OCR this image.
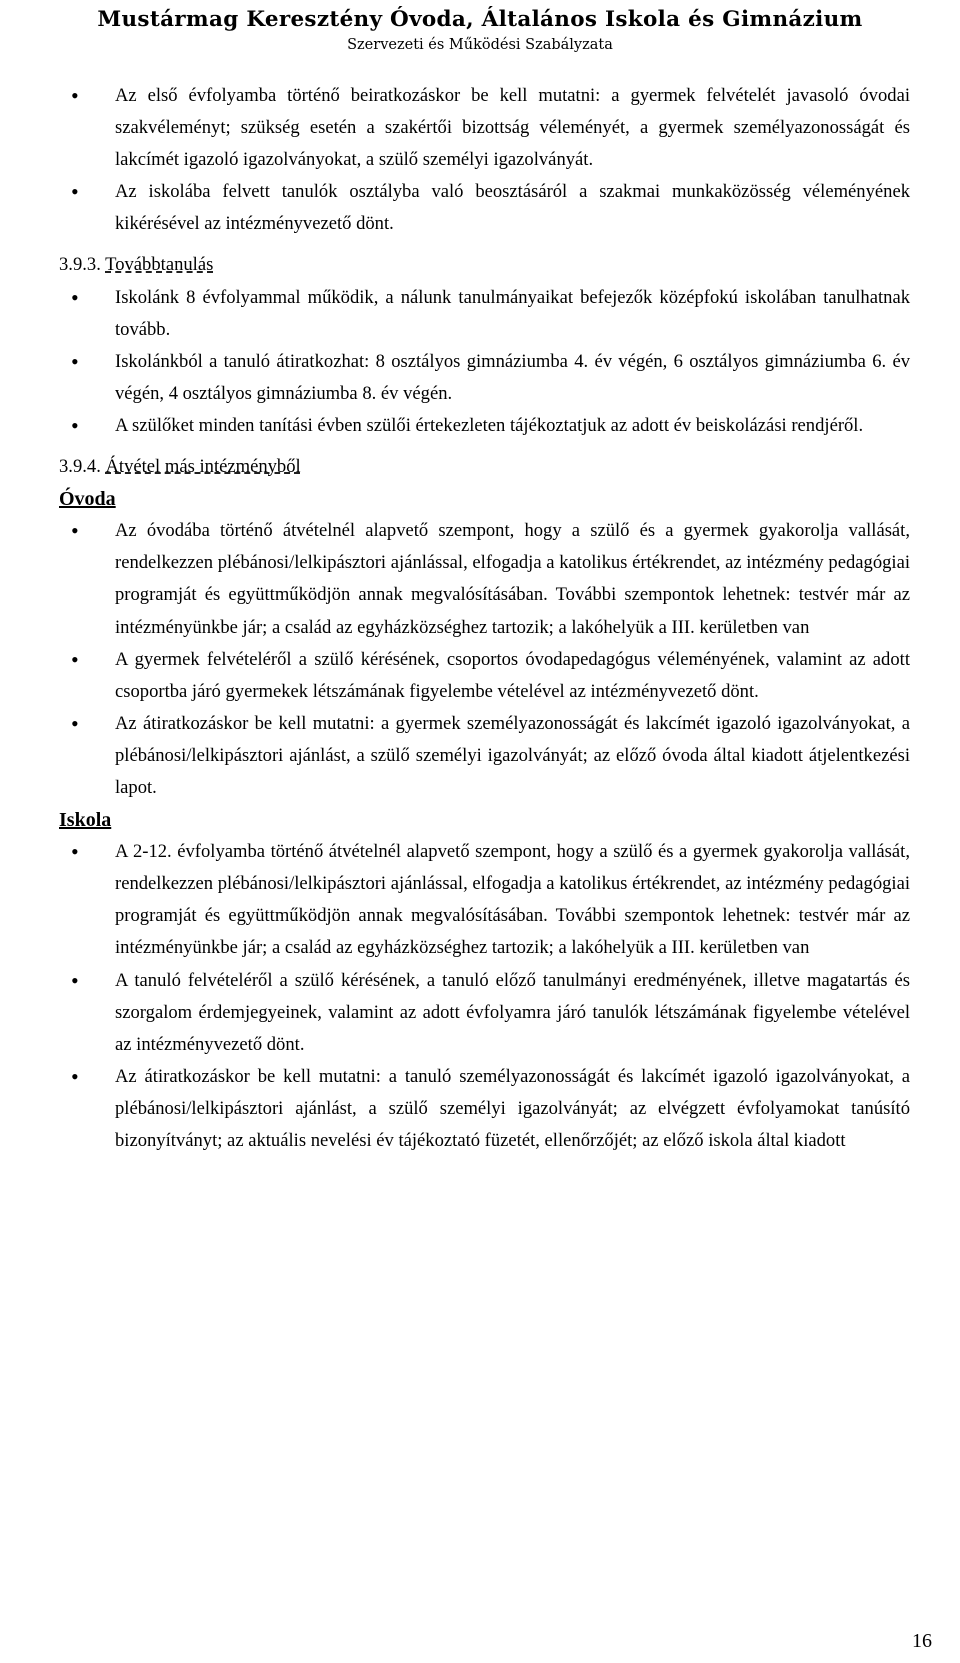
Mustármag Keresztény Óvoda, Általános Iskola és Gimnázium
Szervezeti és Működési Szabályzata
• Az első évfolyamba történő beiratkozáskor be kell mutatni: a gyermek felvételét javasoló óvodai szakvéleményt; szükség esetén a szakértői bizottság véleményét, a gyermek személyazonosságát és lakcímét igazoló igazolványokat, a szülő személyi igazolványát.
• Az iskolába felvett tanulók osztályba való beosztásáról a szakmai munkaközösség véleményének kikérésével az intézményvezető dönt.
3.9.3. Továbbtanulás
• Iskolánk 8 évfolyammal működik, a nálunk tanulmányaikat befejezők középfokú iskolában tanulhatnak tovább.
• Iskolánkból a tanuló átiratkozhat: 8 osztályos gimnáziumba 4. év végén, 6 osztályos gimnáziumba 6. év végén, 4 osztályos gimnáziumba 8. év végén.
• A szülőket minden tanítási évben szülői értekezleten tájékoztatjuk az adott év beiskolázási rendjéről.
3.9.4. Átvétel más intézményből
Óvoda
• Az óvodába történő átvételnél alapvető szempont, hogy a szülő és a gyermek gyakorolja vallását, rendelkezzen plébánosi/lelkipásztori ajánlással, elfogadja a katolikus értékrendet, az intézmény pedagógiai programját és együttműködjön annak megvalósításában. További szempontok lehetnek: testvér már az intézményünkbe jár; a család az egyházközséghez tartozik; a lakóhelyük a III. kerületben van
• A gyermek felvételéről a szülő kérésének, csoportos óvodapedagógus véleményének, valamint az adott csoportba járó gyermekek létszámának figyelembe vételével az intézményvezető dönt.
• Az átiratkozáskor be kell mutatni: a gyermek személyazonosságát és lakcímét igazoló igazolványokat, a plébánosi/lelkipásztori ajánlást, a szülő személyi igazolványát; az előző óvoda által kiadott átjelentkezési lapot.
Iskola
• A 2-12. évfolyamba történő átvételnél alapvető szempont, hogy a szülő és a gyermek gyakorolja vallását, rendelkezzen plébánosi/lelkipásztori ajánlással, elfogadja a katolikus értékrendet, az intézmény pedagógiai programját és együttműködjön annak megvalósításában. További szempontok lehetnek: testvér már az intézményünkbe jár; a család az egyházközséghez tartozik; a lakóhelyük a III. kerületben van
• A tanuló felvételéről a szülő kérésének, a tanuló előző tanulmányi eredményének, illetve magatartás és szorgalom érdemjegyeinek, valamint az adott évfolyamra járó tanulók létszámának figyelembe vételével az intézményvezető dönt.
• Az átiratkozáskor be kell mutatni: a tanuló személyazonosságát és lakcímét igazoló igazolványokat, a plébánosi/lelkipásztori ajánlást, a szülő személyi igazolványát; az elvégzett évfolyamokat tanúsító bizonyítványt; az aktuális nevelési év tájékoztató füzetét, ellenőrzőjét; az előző iskola által kiadott
16
